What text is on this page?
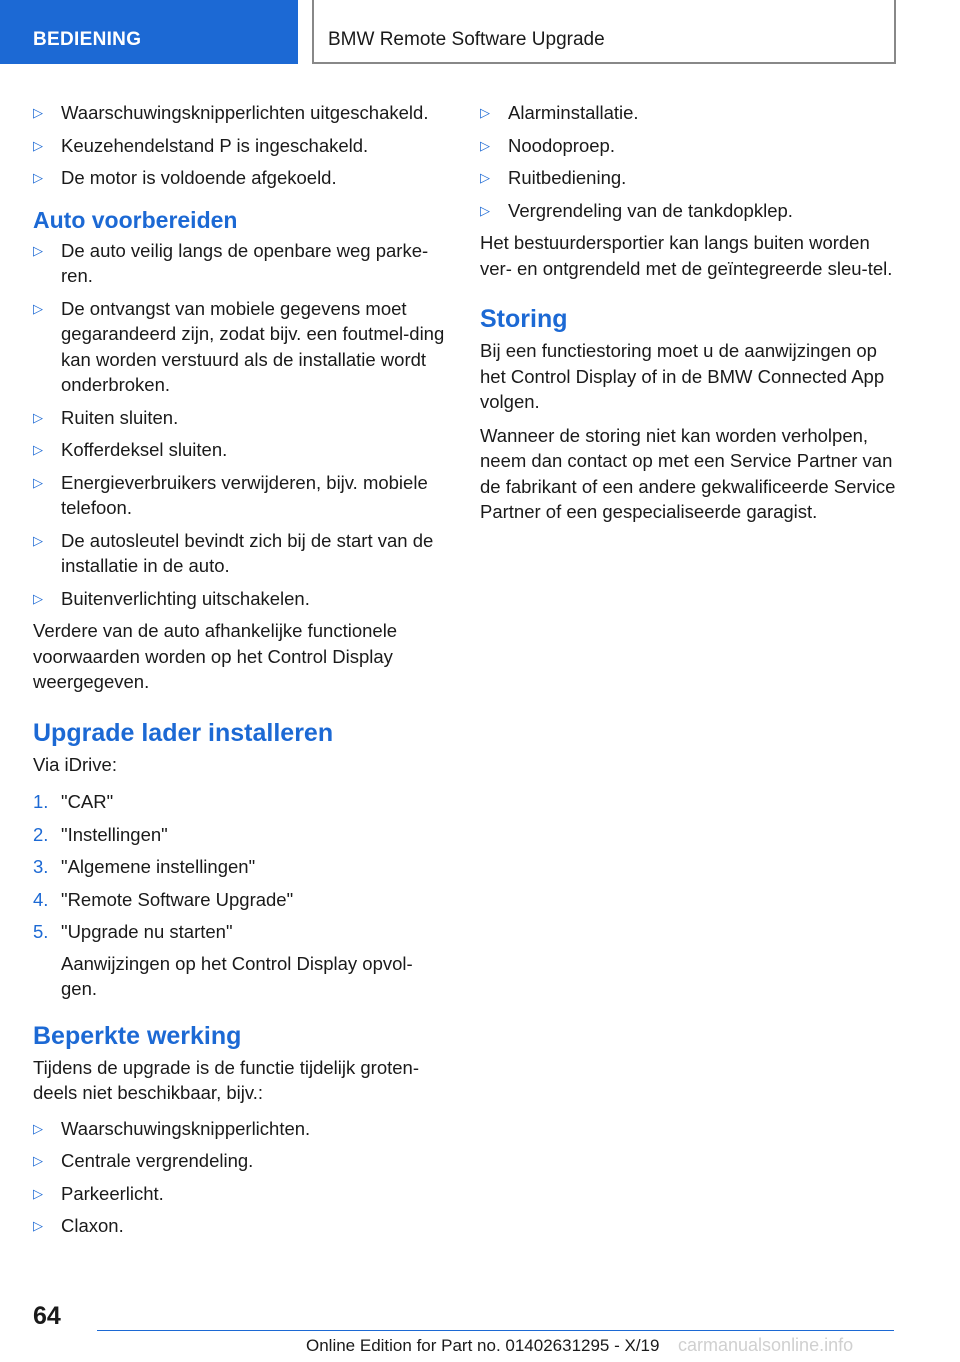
BEDIENING	BMW Remote Software Upgrade
▷ Waarschuwingsknipperlichten uitgeschakeld.
▷ Keuzehendelstand P is ingeschakeld.
▷ De motor is voldoende afgekoeld.
Auto voorbereiden
▷ De auto veilig langs de openbare weg parke-ren.
▷ De ontvangst van mobiele gegevens moet gegarandeerd zijn, zodat bijv. een foutmel-ding kan worden verstuurd als de installatie wordt onderbroken.
▷ Ruiten sluiten.
▷ Kofferdeksel sluiten.
▷ Energieverbruikers verwijderen, bijv. mobiele telefoon.
▷ De autosleutel bevindt zich bij de start van de installatie in de auto.
▷ Buitenverlichting uitschakelen.

Verdere van de auto afhankelijke functionele voorwaarden worden op het Control Display weergegeven.

Upgrade lader installeren

Via iDrive:

1. "CAR"
2. "Instellingen"
3. "Algemene instellingen"
4. "Remote Software Upgrade"
5. "Upgrade nu starten"
Aanwijzingen op het Control Display opvol-gen.
Beperkte werking

Tijdens de upgrade is de functie tijdelijk groten-deels niet beschikbaar, bijv.:

▷ Waarschuwingsknipperlichten.
▷ Centrale vergrendeling.
▷ Parkeerlicht.
▷ Claxon.
▷ Alarminstallatie.
▷ Noodoproep.
▷ Ruitbediening.
▷ Vergrendeling van de tankdopklep.

Het bestuurdersportier kan langs buiten worden ver- en ontgrendeld met de geïntegreerde sleu-tel.

Storing

Bij een functiestoring moet u de aanwijzingen op het Control Display of in de BMW Connected App volgen.

Wanneer de storing niet kan worden verholpen, neem dan contact op met een Service Partner van de fabrikant of een andere gekwalificeerde Service Partner of een gespecialiseerde garagist.

64
Online Edition for Part no. 01402631295 - X/19 carmanualsonline.info
